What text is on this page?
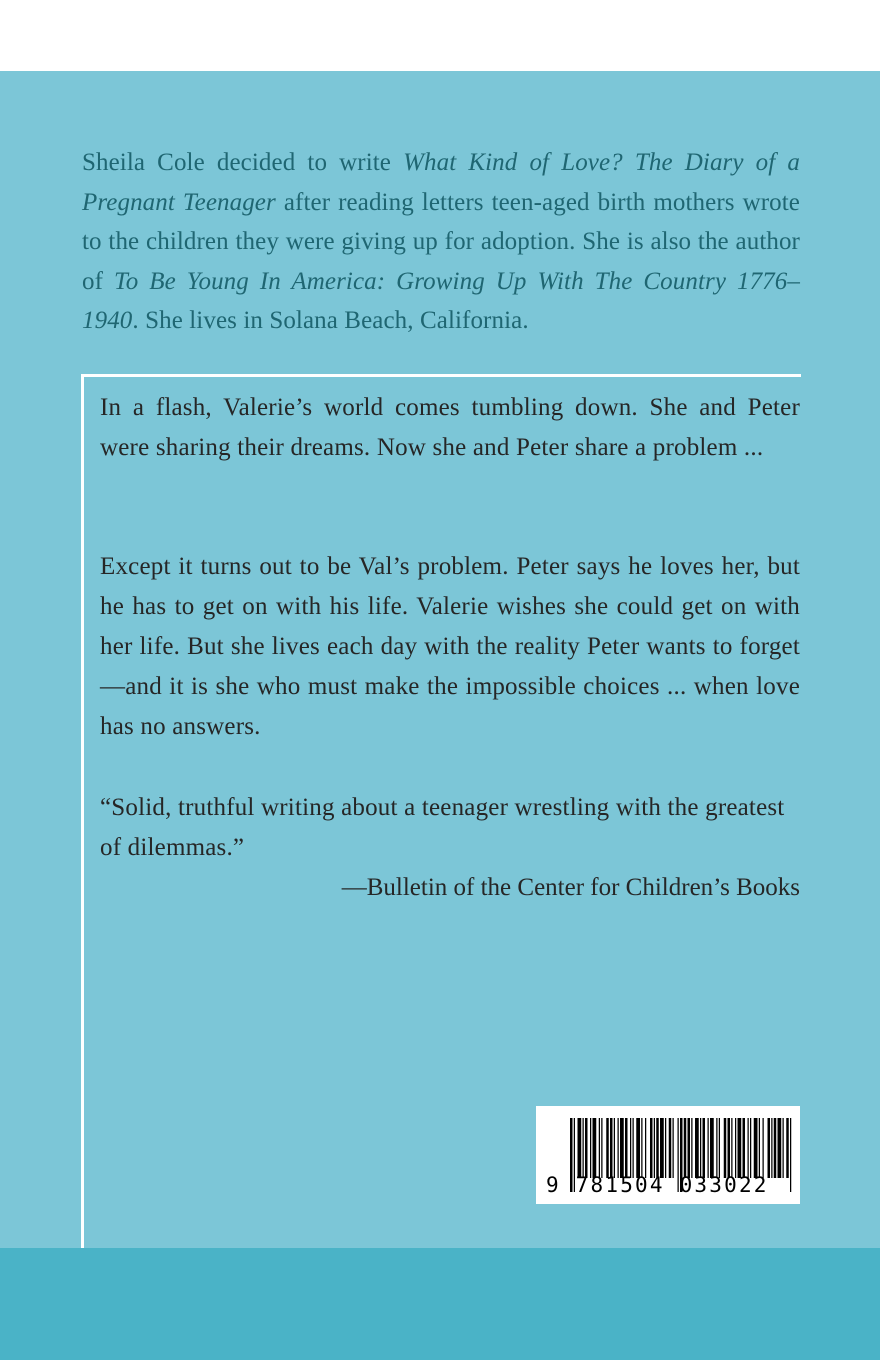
Sheila Cole decided to write What Kind of Love? The Diary of a Pregnant Teenager after reading letters teen-aged birth mothers wrote to the children they were giving up for adoption. She is also the author of To Be Young In America: Growing Up With The Country 1776–1940. She lives in Solana Beach, California.

In a flash, Valerie’s world comes tumbling down. She and Peter were sharing their dreams. Now she and Peter share a problem ...

Except it turns out to be Val’s problem. Peter says he loves her, but he has to get on with his life. Valerie wishes she could get on with her life. But she lives each day with the reality Peter wants to forget—and it is she who must make the impossible choices ... when love has no answers.

“Solid, truthful writing about a teenager wrestling with the greatest of dilemmas.”

—Bulletin of the Center for Children’s Books

9 781504 033022
